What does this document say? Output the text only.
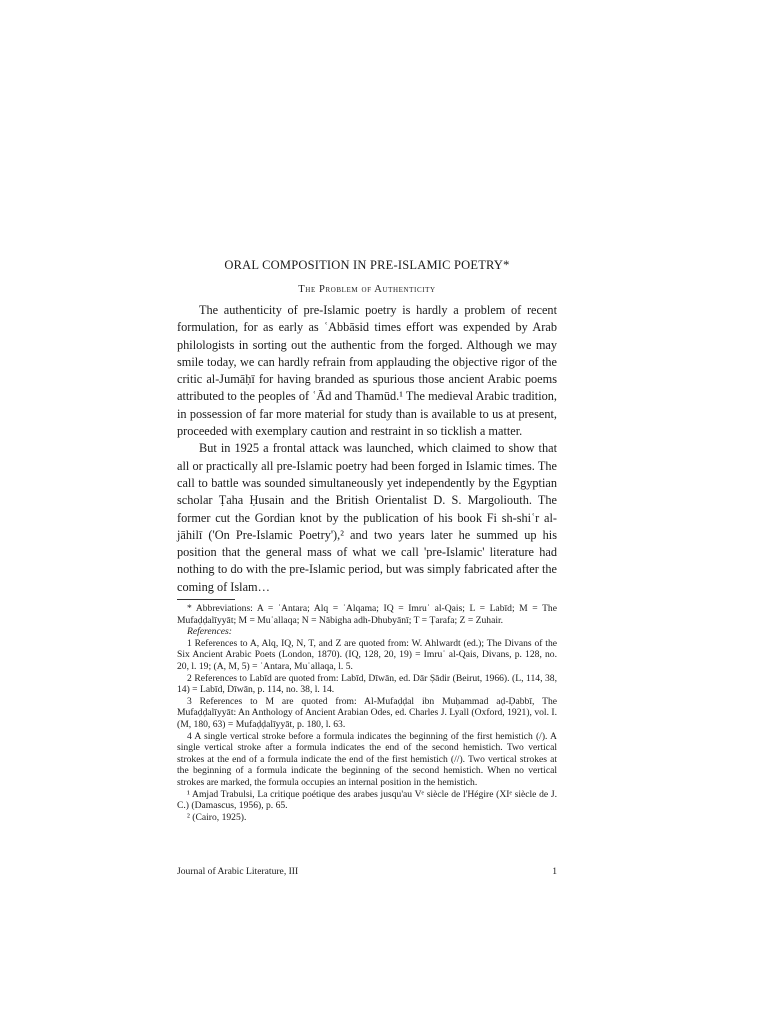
ORAL COMPOSITION IN PRE-ISLAMIC POETRY*
The Problem of Authenticity

The authenticity of pre-Islamic poetry is hardly a problem of recent formulation, for as early as ʿAbbāsid times effort was expended by Arab philologists in sorting out the authentic from the forged. Although we may smile today, we can hardly refrain from applauding the objective rigor of the critic al-Jumāḥī for having branded as spurious those ancient Arabic poems attributed to the peoples of ʿĀd and Thamūd.¹ The medieval Arabic tradition, in possession of far more material for study than is available to us at present, proceeded with exemplary caution and restraint in so ticklish a matter.

But in 1925 a frontal attack was launched, which claimed to show that all or practically all pre-Islamic poetry had been forged in Islamic times. The call to battle was sounded simultaneously yet independently by the Egyptian scholar Ṭaha Ḥusain and the British Orientalist D. S. Margoliouth. The former cut the Gordian knot by the publication of his book Fi sh-shiʿr al-jāhilī ('On Pre-Islamic Poetry'),² and two years later he summed up his position that the general mass of what we call 'pre-Islamic' literature had nothing to do with the pre-Islamic period, but was simply fabricated after the coming of Islam…

* Abbreviations: A = ʿAntara; Alq = ʿAlqama; IQ = Imruʾ al-Qais; L = Labīd; M = The Mufaḍḍalīyyāt; M = Muʿallaqa; N = Nābigha adh-Dhubyānī; T = Ṭarafa; Z = Zuhair.

References:

1 References to A, Alq, IQ, N, T, and Z are quoted from: W. Ahlwardt (ed.); The Divans of the Six Ancient Arabic Poets (London, 1870). (IQ, 128, 20, 19) = Imruʾ al-Qais, Divans, p. 128, no. 20, l. 19; (A, M, 5) = ʿAntara, Muʿallaqa, l. 5.

2 References to Labīd are quoted from: Labīd, Dīwān, ed. Dār Ṣādir (Beirut, 1966). (L, 114, 38, 14) = Labīd, Dīwān, p. 114, no. 38, l. 14.

3 References to M are quoted from: Al-Mufaḍḍal ibn Muḥammad aḍ-Ḍabbī, The Mufaḍḍalīyyāt: An Anthology of Ancient Arabian Odes, ed. Charles J. Lyall (Oxford, 1921), vol. I. (M, 180, 63) = Mufaḍḍalīyyāt, p. 180, l. 63.

4 A single vertical stroke before a formula indicates the beginning of the first hemistich (/). A single vertical stroke after a formula indicates the end of the second hemistich. Two vertical strokes at the end of a formula indicate the end of the first hemistich (//). Two vertical strokes at the beginning of a formula indicate the beginning of the second hemistich. When no vertical strokes are marked, the formula occupies an internal position in the hemistich.

¹ Amjad Trabulsi, La critique poétique des arabes jusqu'au Vᵉ siècle de l'Hégire (XIᵉ siècle de J. C.) (Damascus, 1956), p. 65.

² (Cairo, 1925).

Journal of Arabic Literature, III	1
